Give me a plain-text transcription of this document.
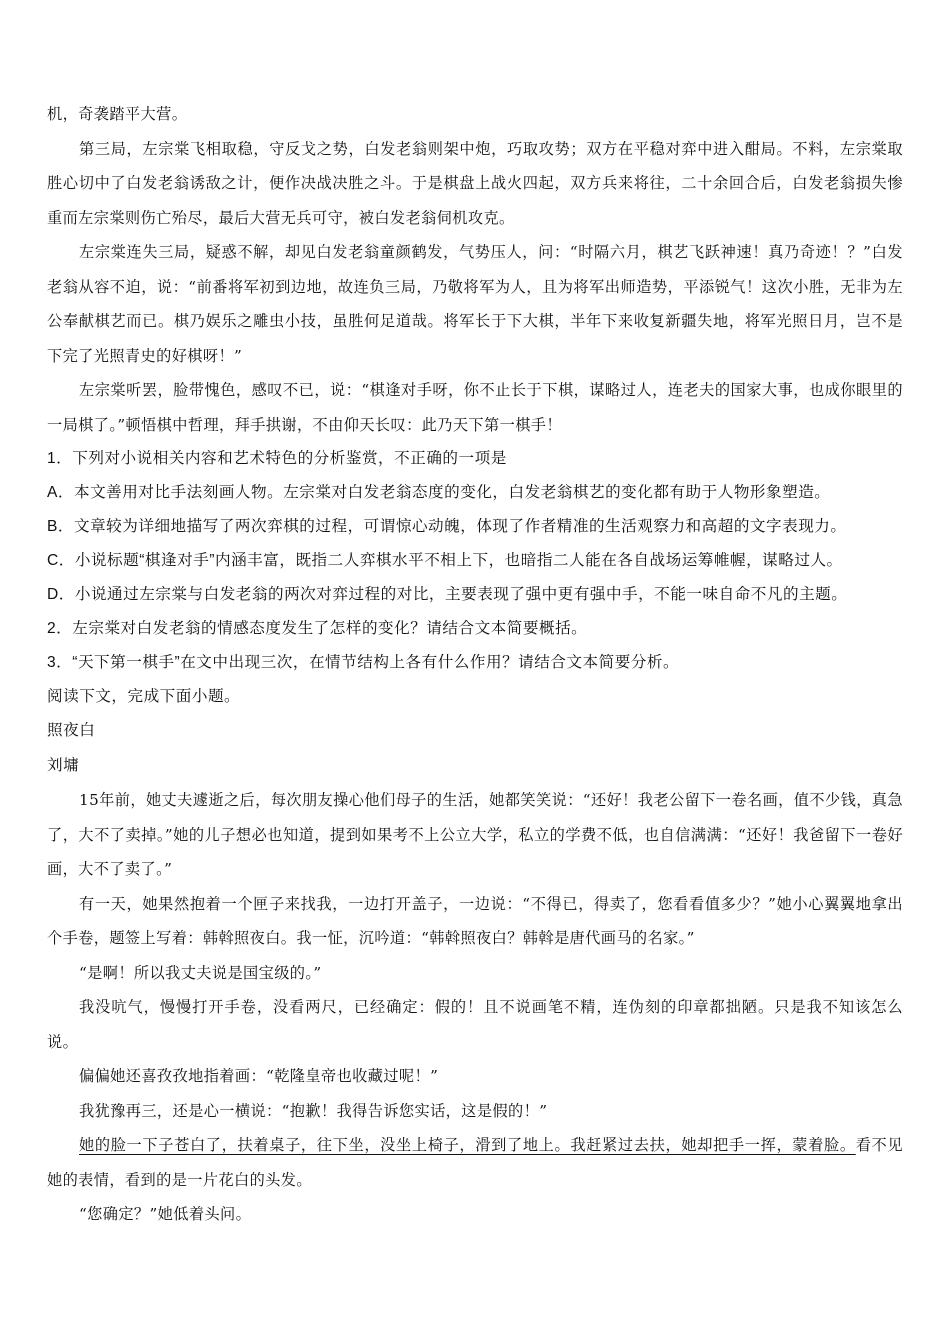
机，奇袭踏平大营。

第三局，左宗棠飞相取稳，守反戈之势，白发老翁则架中炮，巧取攻势；双方在平稳对弈中进入酣局。不料，左宗棠取胜心切中了白发老翁诱敌之计，便作决战决胜之斗。于是棋盘上战火四起，双方兵来将往，二十余回合后，白发老翁损失惨重而左宗棠则伤亡殆尽，最后大营无兵可守，被白发老翁伺机攻克。

左宗棠连失三局，疑惑不解，却见白发老翁童颜鹤发，气势压人，问：“时隔六月，棋艺飞跃神速！真乃奇迹！？”白发老翁从容不迫，说：“前番将军初到边地，故连负三局，乃敬将军为人，且为将军出师造势，平添锐气！这次小胜，无非为左公奉献棋艺而已。棋乃娱乐之雕虫小技，虽胜何足道哉。将军长于下大棋，半年下来收复新疆失地，将军光照日月，岂不是下完了光照青史的好棋呀！”

左宗棠听罢，脸带愧色，感叹不已，说：“棋逢对手呀，你不止长于下棋，谋略过人，连老夫的国家大事，也成你眼里的一局棋了。”顿悟棋中哲理，拜手拱谢，不由仰天长叹：此乃天下第一棋手！

1．下列对小说相关内容和艺术特色的分析鉴赏，不正确的一项是

A．本文善用对比手法刻画人物。左宗棠对白发老翁态度的变化，白发老翁棋艺的变化都有助于人物形象塑造。

B．文章较为详细地描写了两次弈棋的过程，可谓惊心动魄，体现了作者精准的生活观察力和高超的文字表现力。

C．小说标题“棋逢对手”内涵丰富，既指二人弈棋水平不相上下，也暗指二人能在各自战场运筹帷幄，谋略过人。

D．小说通过左宗棠与白发老翁的两次对弈过程的对比，主要表现了强中更有强中手，不能一味自命不凡的主题。

2．左宗棠对白发老翁的情感态度发生了怎样的变化？请结合文本简要概括。

3．“天下第一棋手”在文中出现三次，在情节结构上各有什么作用？请结合文本简要分析。

阅读下文，完成下面小题。

照夜白

刘墉

15年前，她丈夫遽逝之后，每次朋友操心他们母子的生活，她都笑笑说：“还好！我老公留下一卷名画，值不少钱，真急了，大不了卖掉。”她的儿子想必也知道，提到如果考不上公立大学，私立的学费不低，也自信满满：“还好！我爸留下一卷好画，大不了卖了。”

有一天，她果然抱着一个匣子来找我，一边打开盖子，一边说：“不得已，得卖了，您看看值多少？”她小心翼翼地拿出个手卷，题签上写着：韩斡照夜白。我一怔，沉吟道：“韩斡照夜白？韩斡是唐代画马的名家。”

“是啊！所以我丈夫说是国宝级的。”

我没吭气，慢慢打开手卷，没看两尺，已经确定：假的！且不说画笔不精，连伪刻的印章都拙陋。只是我不知该怎么说。

偏偏她还喜孜孜地指着画：“乾隆皇帝也收藏过呢！”

我犹豫再三，还是心一横说：“抱歉！我得告诉您实话，这是假的！”

她的脸一下子苍白了，扶着桌子，往下坐，没坐上椅子，滑到了地上。我赶紧过去扶，她却把手一挥，蒙着脸。看不见她的表情，看到的是一片花白的头发。

“您确定？”她低着头问。
